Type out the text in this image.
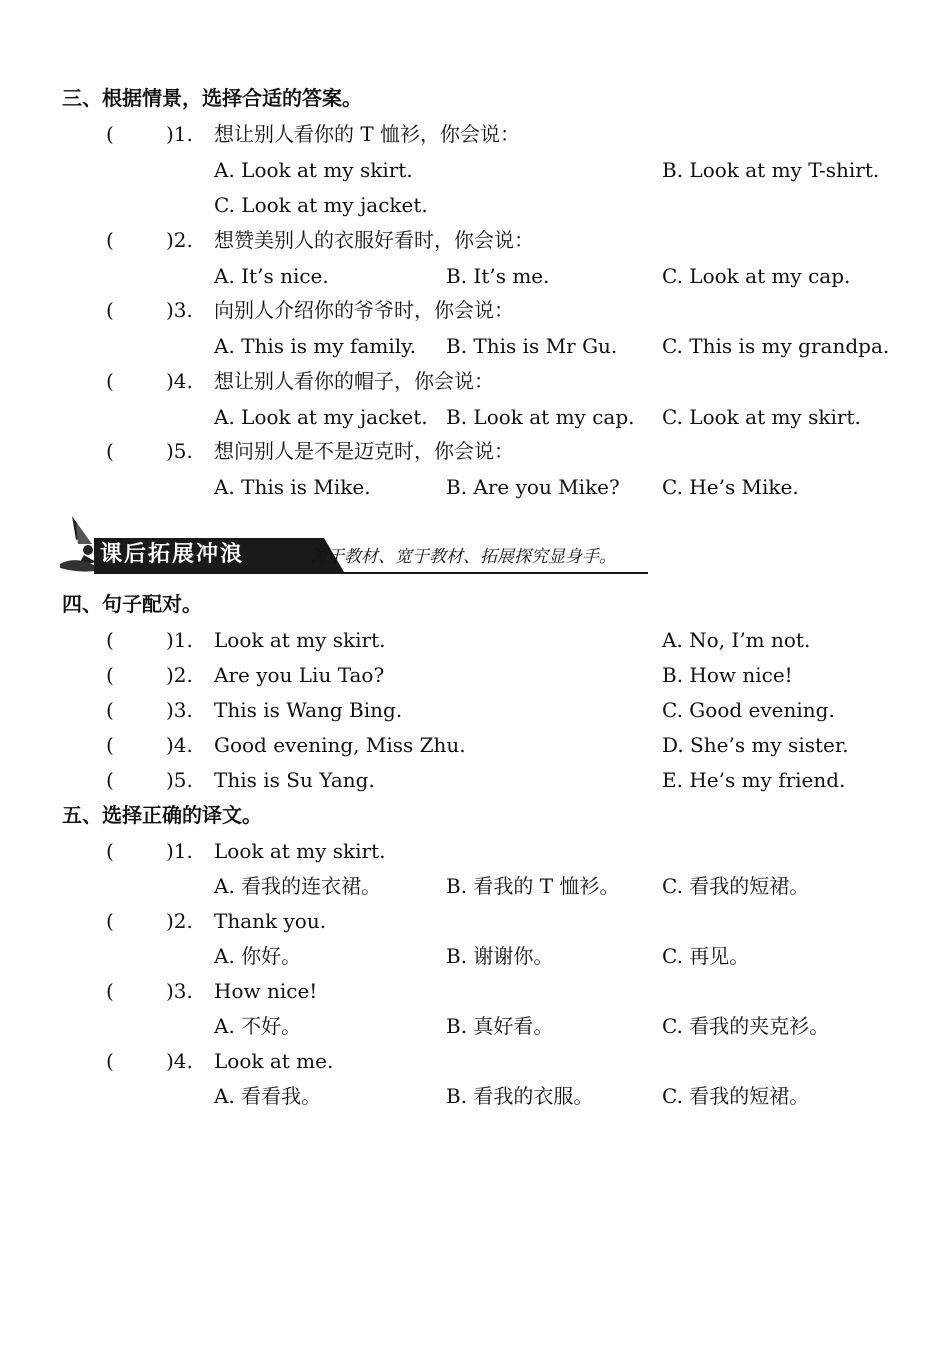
三、根据情景，选择合适的答案。
(	)1. 想让别人看你的 T 恤衫，你会说：
A. Look at my skirt.	B. Look at my T-shirt.
C. Look at my jacket.
(	)2. 想赞美别人的衣服好看时，你会说：
A. It’s nice.	B. It’s me.	C. Look at my cap.
(	)3. 向别人介绍你的爷爷时，你会说：
A. This is my family. B. This is Mr Gu. C. This is my grandpa.
(	)4. 想让别人看你的帽子，你会说：
A. Look at my jacket. B. Look at my cap. C. Look at my skirt.
(	)5. 想问别人是不是迈克时，你会说：
A. This is Mike.	B. Are you Mike? C. He’s Mike.
课后拓展冲浪	源于教材、宽于教材、拓展探究显身手。
四、句子配对。
(	)1. Look at my skirt.	A. No, I’m not.
(	)2. Are you Liu Tao?	B. How nice!
(	)3. This is Wang Bing.	C. Good evening.
(	)4. Good evening, Miss Zhu.	D. She’s my sister.
(	)5. This is Su Yang.	E. He’s my friend.
五、选择正确的译文。
(	)1. Look at my skirt.
A. 看我的连衣裙。	B. 看我的 T 恤衫。 C. 看我的短裙。
(	)2. Thank you.
A. 你好。	B. 谢谢你。	C. 再见。
(	)3. How nice!
A. 不好。	B. 真好看。	C. 看我的夹克衫。
(	)4. Look at me.
A. 看看我。	B. 看我的衣服。	C. 看我的短裙。
